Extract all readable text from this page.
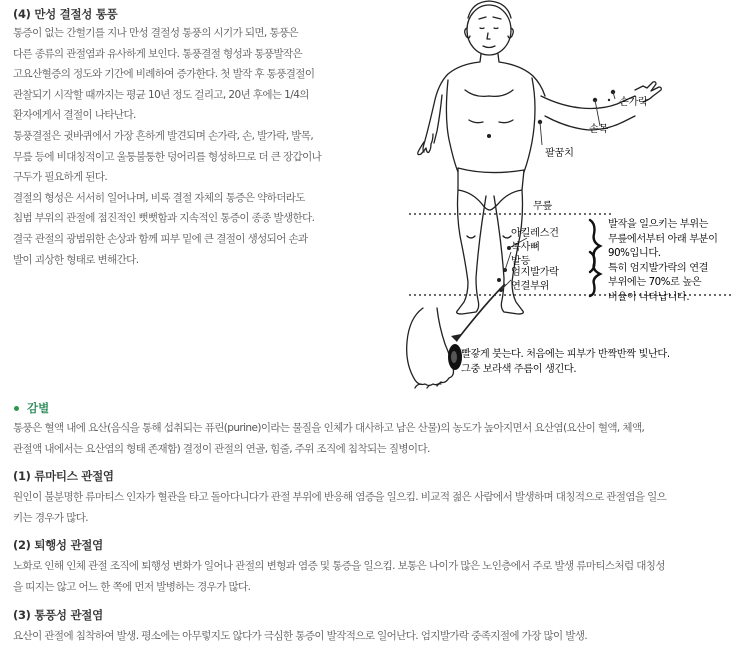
(4) 만성 결절성 통풍
통증이 없는 간헐기를 지나 만성 결절성 통풍의 시기가 되면, 통풍은
다른 종류의 관절염과 유사하게 보인다. 통풍결절 형성과 통풍발작은
고요산혈증의 정도와 기간에 비례하여 증가한다. 첫 발작 후 통풍결절이
관찰되기 시작할 때까지는 평균 10년 정도 걸리고, 20년 후에는 1/4의
환자에게서 결절이 나타난다.
통풍결절은 귓바퀴에서 가장 흔하게 발견되며 손가락, 손, 발가락, 발목,
무릎 등에 비대칭적이고 울퉁불퉁한 덩어리를 형성하므로 더 큰 장갑이나
구두가 필요하게 된다.
결절의 형성은 서서히 일어나며, 비록 결절 자체의 통증은 약하더라도
침범 부위의 관절에 점진적인 뻣뻣함과 지속적인 통증이 종종 발생한다.
결국 관절의 광범위한 손상과 함께 피부 밑에 큰 결절이 생성되어 손과
발이 괴상한 형태로 변해간다.
손가락
손목
팔꿈치
무릎
아킬레스건
복사뼈
발등
엄지발가락
연결부위
발작을 일으키는 부위는
무릎에서부터 아래 부분이
90%입니다.
특히 엄지발가락의 연결
부위에는 70%로 높은
비율이 나타납니다.
빨갛게 붓는다. 처음에는 피부가 반짝반짝 빛난다.
그중 보라색 주름이 생긴다.
감별
통풍은 혈액 내에 요산(음식을 통해 섭취되는 퓨린(purine)이라는 물질을 인체가 대사하고 남은 산물)의 농도가 높아지면서 요산염(요산이 혈액, 체액,
관절액 내에서는 요산염의 형태 존재함) 결정이 관절의 연골, 힘줄, 주위 조직에 침착되는 질병이다.
(1) 류마티스 관절염
원인이 불분명한 류마티스 인자가 혈관을 타고 돌아다니다가 관절 부위에 반응해 염증을 일으킴. 비교적 젊은 사람에서 발생하며 대칭적으로 관절염을 일으
키는 경우가 많다.
(2) 퇴행성 관절염
노화로 인해 인체 관절 조직에 퇴행성 변화가 일어나 관절의 변형과 염증 및 통증을 일으킴. 보통은 나이가 많은 노인층에서 주로 발생 류마티스처럼 대칭성
을 띠지는 않고 어느 한 쪽에 먼저 발병하는 경우가 많다.
(3) 통풍성 관절염
요산이 관절에 침착하여 발생. 평소에는 아무렇지도 않다가 극심한 통증이 발작적으로 일어난다. 엄지발가락 중족지절에 가장 많이 발생.
